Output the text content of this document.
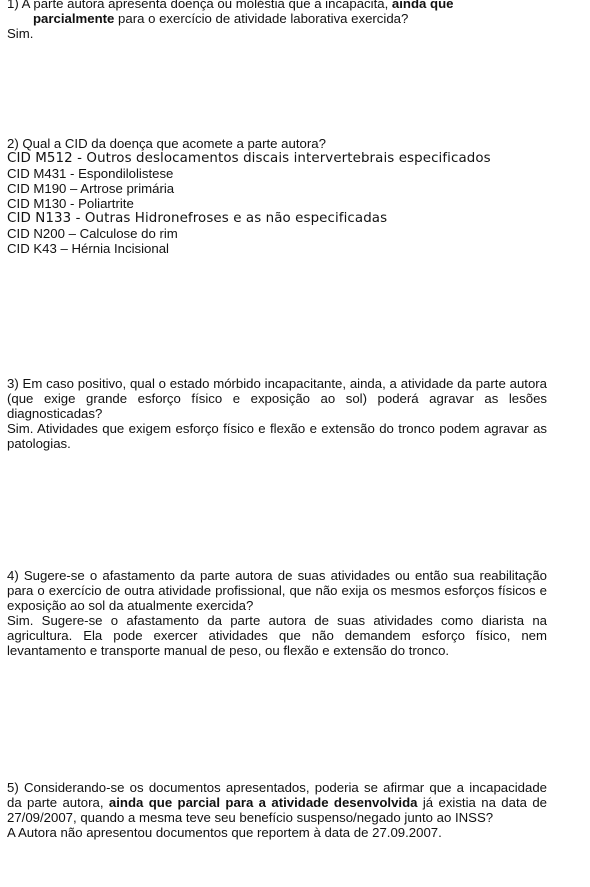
1) A parte autora apresenta doença ou moléstia que a incapacita, ainda que

parcialmente para o exercício de atividade laborativa exercida?

Sim.

2) Qual a CID da doença que acomete a parte autora?

CID M512 - Outros deslocamentos discais intervertebrais especificados

CID M431 - Espondilolistese

CID M190 – Artrose primária

CID M130 - Poliartrite

CID N133 - Outras Hidronefroses e as não especificadas

CID N200 – Calculose do rim

CID K43 – Hérnia Incisional

3) Em caso positivo, qual o estado mórbido incapacitante, ainda, a atividade da parte autora (que exige grande esforço físico e exposição ao sol) poderá agravar as lesões diagnosticadas?

Sim. Atividades que exigem esforço físico e flexão e extensão do tronco podem agravar as patologias.

4) Sugere-se o afastamento da parte autora de suas atividades ou então sua reabilitação para o exercício de outra atividade profissional, que não exija os mesmos esforços físicos e exposição ao sol da atualmente exercida?

Sim. Sugere-se o afastamento da parte autora de suas atividades como diarista na agricultura. Ela pode exercer atividades que não demandem esforço físico, nem levantamento e transporte manual de peso, ou flexão e extensão do tronco.

5) Considerando-se os documentos apresentados, poderia se afirmar que a incapacidade da parte autora, ainda que parcial para a atividade desenvolvida já existia na data de 27/09/2007, quando a mesma teve seu benefício suspenso/negado junto ao INSS?

A Autora não apresentou documentos que reportem à data de 27.09.2007.
